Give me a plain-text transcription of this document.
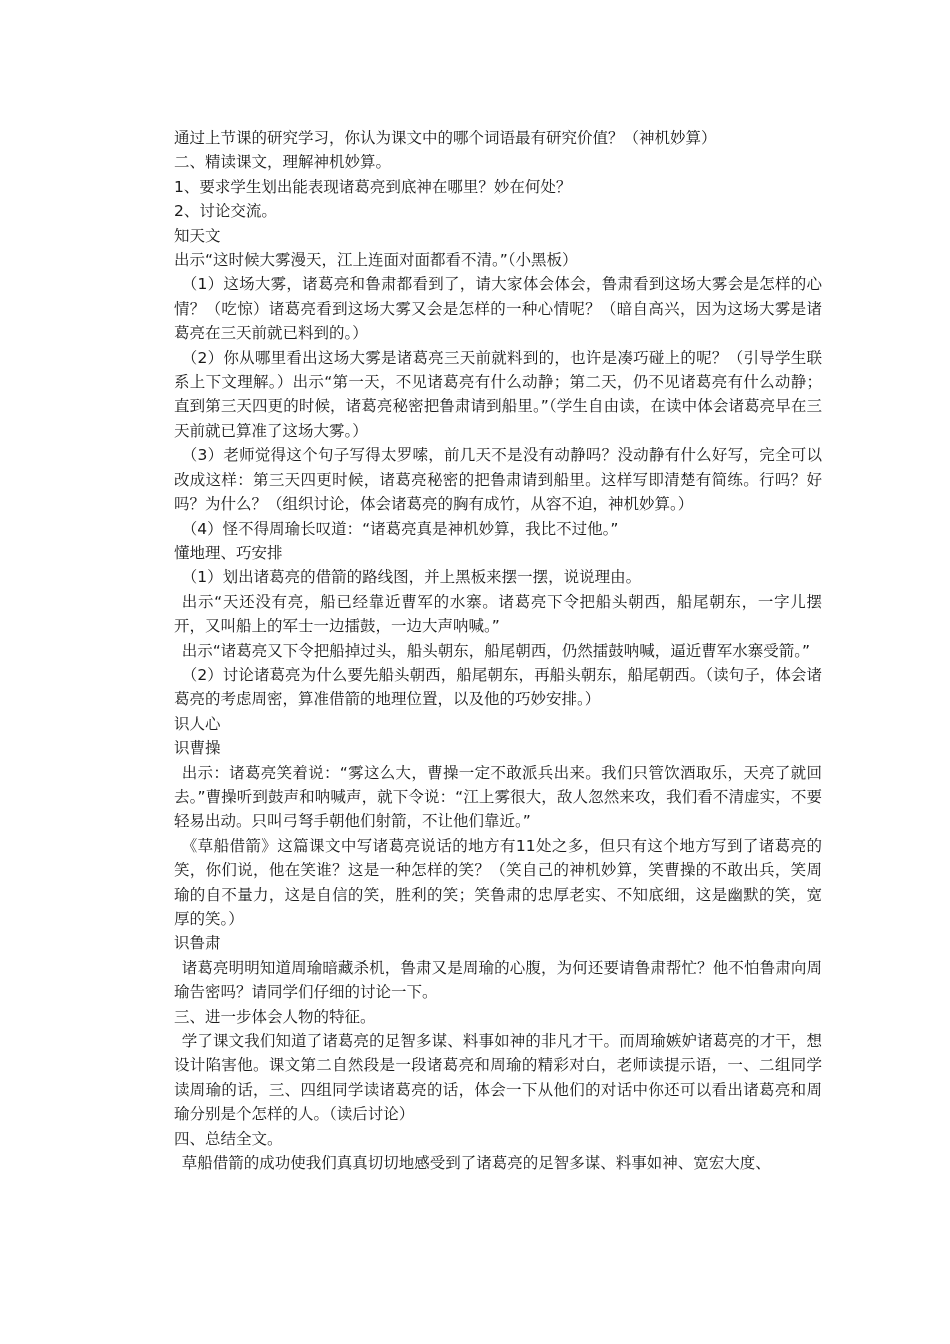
通过上节课的研究学习，你认为课文中的哪个词语最有研究价值？（神机妙算）

二、精读课文，理解神机妙算。

1、要求学生划出能表现诸葛亮到底神在哪里？妙在何处？

2、讨论交流。

知天文

出示“这时候大雾漫天，江上连面对面都看不清。”（小黑板）

（1）这场大雾，诸葛亮和鲁肃都看到了，请大家体会体会，鲁肃看到这场大雾会是怎样的心情？（吃惊）诸葛亮看到这场大雾又会是怎样的一种心情呢？（暗自高兴，因为这场大雾是诸葛亮在三天前就已料到的。）

（2）你从哪里看出这场大雾是诸葛亮三天前就料到的，也许是凑巧碰上的呢？（引导学生联系上下文理解。）出示“第一天，不见诸葛亮有什么动静；第二天，仍不见诸葛亮有什么动静；直到第三天四更的时候，诸葛亮秘密把鲁肃请到船里。”（学生自由读，在读中体会诸葛亮早在三天前就已算准了这场大雾。）

（3）老师觉得这个句子写得太罗嗦，前几天不是没有动静吗？没动静有什么好写，完全可以改成这样：第三天四更时候，诸葛亮秘密的把鲁肃请到船里。这样写即清楚有简练。行吗？好吗？为什么？（组织讨论，体会诸葛亮的胸有成竹，从容不迫，神机妙算。）

（4）怪不得周瑜长叹道：“诸葛亮真是神机妙算，我比不过他。”

懂地理、巧安排

（1）划出诸葛亮的借箭的路线图，并上黑板来摆一摆，说说理由。

出示“天还没有亮，船已经靠近曹军的水寨。诸葛亮下令把船头朝西，船尾朝东，一字儿摆开，又叫船上的军士一边擂鼓，一边大声呐喊。”

出示“诸葛亮又下令把船掉过头，船头朝东，船尾朝西，仍然擂鼓呐喊，逼近曹军水寨受箭。”

（2）讨论诸葛亮为什么要先船头朝西，船尾朝东，再船头朝东，船尾朝西。（读句子，体会诸葛亮的考虑周密，算准借箭的地理位置，以及他的巧妙安排。）

识人心

识曹操

出示：诸葛亮笑着说：“雾这么大，曹操一定不敢派兵出来。我们只管饮酒取乐，天亮了就回去。”曹操听到鼓声和呐喊声，就下令说：“江上雾很大，敌人忽然来攻，我们看不清虚实，不要轻易出动。只叫弓弩手朝他们射箭，不让他们靠近。”

《草船借箭》这篇课文中写诸葛亮说话的地方有11处之多，但只有这个地方写到了诸葛亮的笑，你们说，他在笑谁？这是一种怎样的笑？（笑自己的神机妙算，笑曹操的不敢出兵，笑周瑜的自不量力，这是自信的笑，胜利的笑；笑鲁肃的忠厚老实、不知底细，这是幽默的笑，宽厚的笑。）

识鲁肃

诸葛亮明明知道周瑜暗藏杀机，鲁肃又是周瑜的心腹，为何还要请鲁肃帮忙？他不怕鲁肃向周瑜告密吗？请同学们仔细的讨论一下。

三、进一步体会人物的特征。

学了课文我们知道了诸葛亮的足智多谋、料事如神的非凡才干。而周瑜嫉妒诸葛亮的才干，想设计陷害他。课文第二自然段是一段诸葛亮和周瑜的精彩对白，老师读提示语，一、二组同学读周瑜的话，三、四组同学读诸葛亮的话，体会一下从他们的对话中你还可以看出诸葛亮和周瑜分别是个怎样的人。（读后讨论）

四、总结全文。

草船借箭的成功使我们真真切切地感受到了诸葛亮的足智多谋、料事如神、宽宏大度、
